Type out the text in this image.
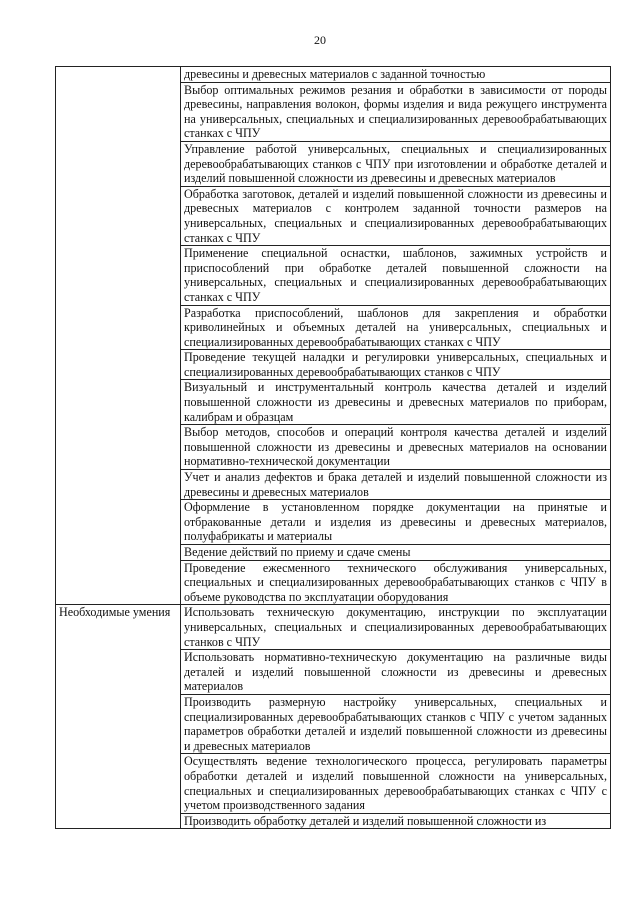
20
	древесины и древесных материалов с заданной точностью
	Выбор оптимальных режимов резания и обработки в зависимости от породы древесины, направления волокон, формы изделия и вида режущего инструмента на универсальных, специальных и специализированных деревообрабатывающих станках с ЧПУ
	Управление работой универсальных, специальных и специализированных деревообрабатывающих станков с ЧПУ при изготовлении и обработке деталей и изделий повышенной сложности из древесины и древесных материалов
	Обработка заготовок, деталей и изделий повышенной сложности из древесины и древесных материалов с контролем заданной точности размеров на универсальных, специальных и специализированных деревообрабатывающих станках с ЧПУ
	Применение специальной оснастки, шаблонов, зажимных устройств и приспособлений при обработке деталей повышенной сложности на универсальных, специальных и специализированных деревообрабатывающих станках с ЧПУ
	Разработка приспособлений, шаблонов для закрепления и обработки криволинейных и объемных деталей на универсальных, специальных и специализированных деревообрабатывающих станках с ЧПУ
	Проведение текущей наладки и регулировки универсальных, специальных и специализированных деревообрабатывающих станков с ЧПУ
	Визуальный и инструментальный контроль качества деталей и изделий повышенной сложности из древесины и древесных материалов по приборам, калибрам и образцам
	Выбор методов, способов и операций контроля качества деталей и изделий повышенной сложности из древесины и древесных материалов на основании нормативно-технической документации
	Учет и анализ дефектов и брака деталей и изделий повышенной сложности из древесины и древесных материалов
	Оформление в установленном порядке документации на принятые и отбракованные детали и изделия из древесины и древесных материалов, полуфабрикаты и материалы
	Ведение действий по приему и сдаче смены
	Проведение ежесменного технического обслуживания универсальных, специальных и специализированных деревообрабатывающих станков с ЧПУ в объеме руководства по эксплуатации оборудования
Необходимые умения	Использовать техническую документацию, инструкции по эксплуатации универсальных, специальных и специализированных деревообрабатывающих станков с ЧПУ
	Использовать нормативно-техническую документацию на различные виды деталей и изделий повышенной сложности из древесины и древесных материалов
	Производить размерную настройку универсальных, специальных и специализированных деревообрабатывающих станков с ЧПУ с учетом заданных параметров обработки деталей и изделий повышенной сложности из древесины и древесных материалов
	Осуществлять ведение технологического процесса, регулировать параметры обработки деталей и изделий повышенной сложности на универсальных, специальных и специализированных деревообрабатывающих станках с ЧПУ с учетом производственного задания
	Производить обработку деталей и изделий повышенной сложности из
